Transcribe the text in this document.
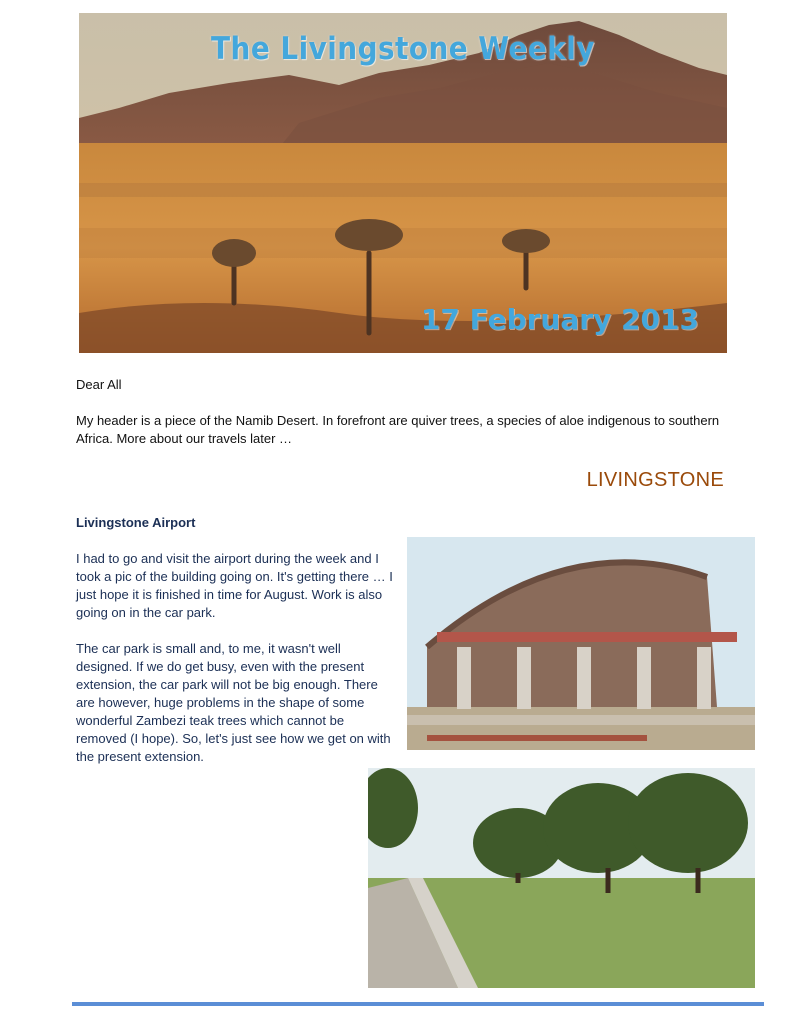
The Livingstone Weekly
17 February 2013
Dear All
My header is a piece of the Namib Desert. In forefront are quiver trees, a species of aloe indigenous to southern Africa. More about our travels later …
LIVINGSTONE
Livingstone Airport
I had to go and visit the airport during the week and I took a pic of the building going on. It's getting there … I just hope it is finished in time for August. Work is also going on in the car park.
The car park is small and, to me, it wasn't well designed. If we do get busy, even with the present extension, the car park will not be big enough. There are however, huge problems in the shape of some wonderful Zambezi teak trees which cannot be removed (I hope). So, let's just see how we get on with the present extension.
